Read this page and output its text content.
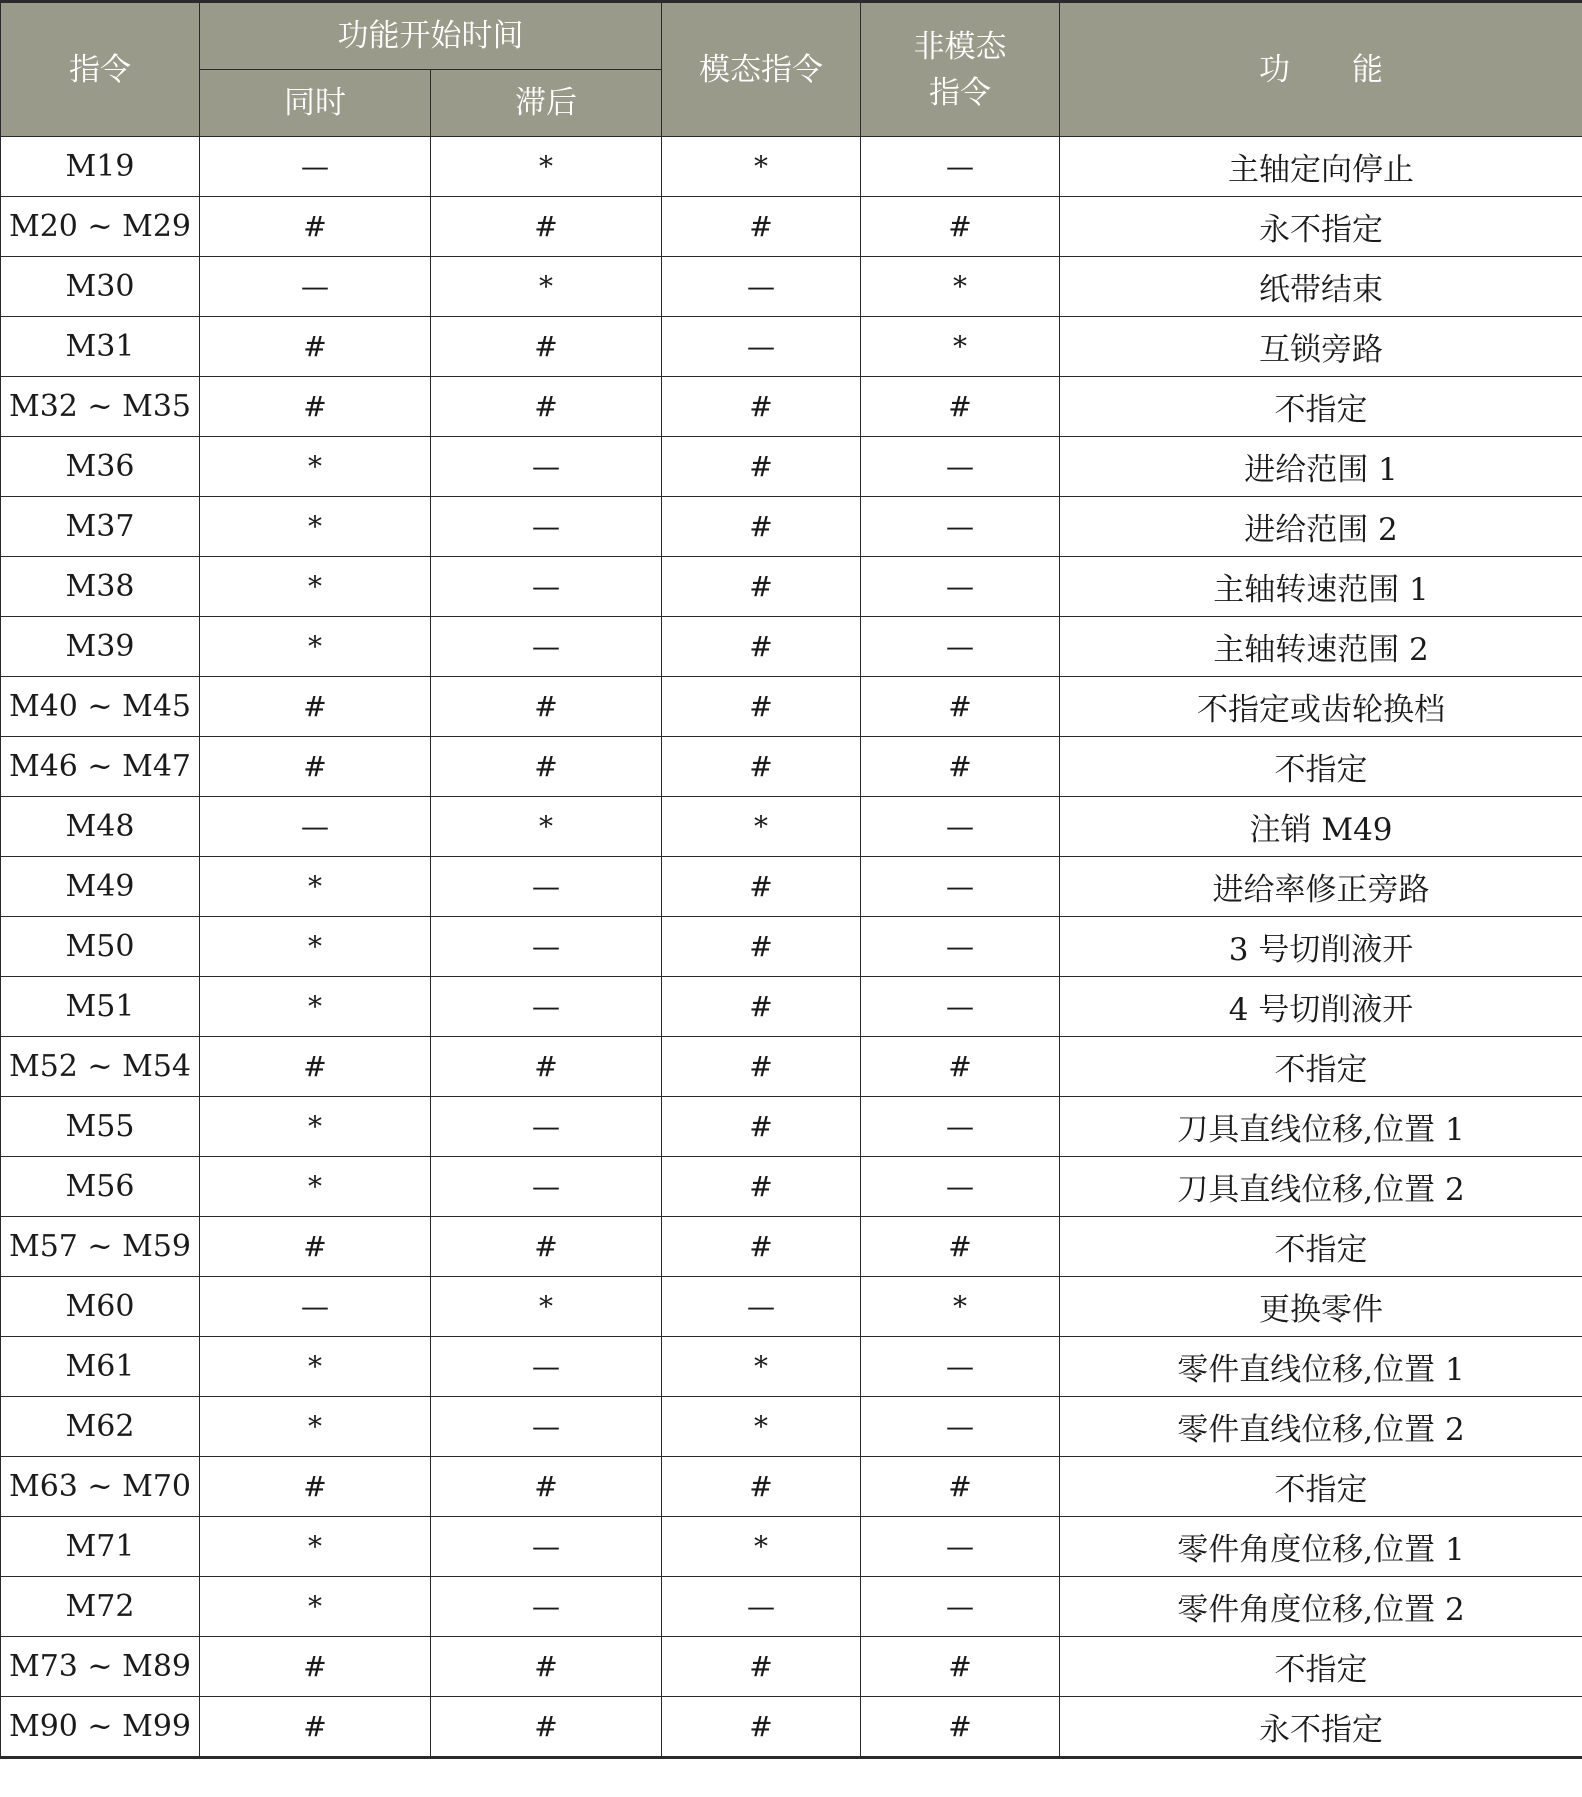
指令	功能开始时间		模态指令	非模态
指令	功　　能
	同时	滞后			
M19	—	*	*	—	主轴定向停止
M20 ~ M29	#	#	#	#	永不指定
M30	—	*	—	*	纸带结束
M31	#	#	—	*	互锁旁路
M32 ~ M35	#	#	#	#	不指定
M36	*	—	#	—	进给范围 1
M37	*	—	#	—	进给范围 2
M38	*	—	#	—	主轴转速范围 1
M39	*	—	#	—	主轴转速范围 2
M40 ~ M45	#	#	#	#	不指定或齿轮换档
M46 ~ M47	#	#	#	#	不指定
M48	—	*	*	—	注销 M49
M49	*	—	#	—	进给率修正旁路
M50	*	—	#	—	3 号切削液开
M51	*	—	#	—	4 号切削液开
M52 ~ M54	#	#	#	#	不指定
M55	*	—	#	—	刀具直线位移,位置 1
M56	*	—	#	—	刀具直线位移,位置 2
M57 ~ M59	#	#	#	#	不指定
M60	—	*	—	*	更换零件
M61	*	—	*	—	零件直线位移,位置 1
M62	*	—	*	—	零件直线位移,位置 2
M63 ~ M70	#	#	#	#	不指定
M71	*	—	*	—	零件角度位移,位置 1
M72	*	—	—	—	零件角度位移,位置 2
M73 ~ M89	#	#	#	#	不指定
M90 ~ M99	#	#	#	#	永不指定
